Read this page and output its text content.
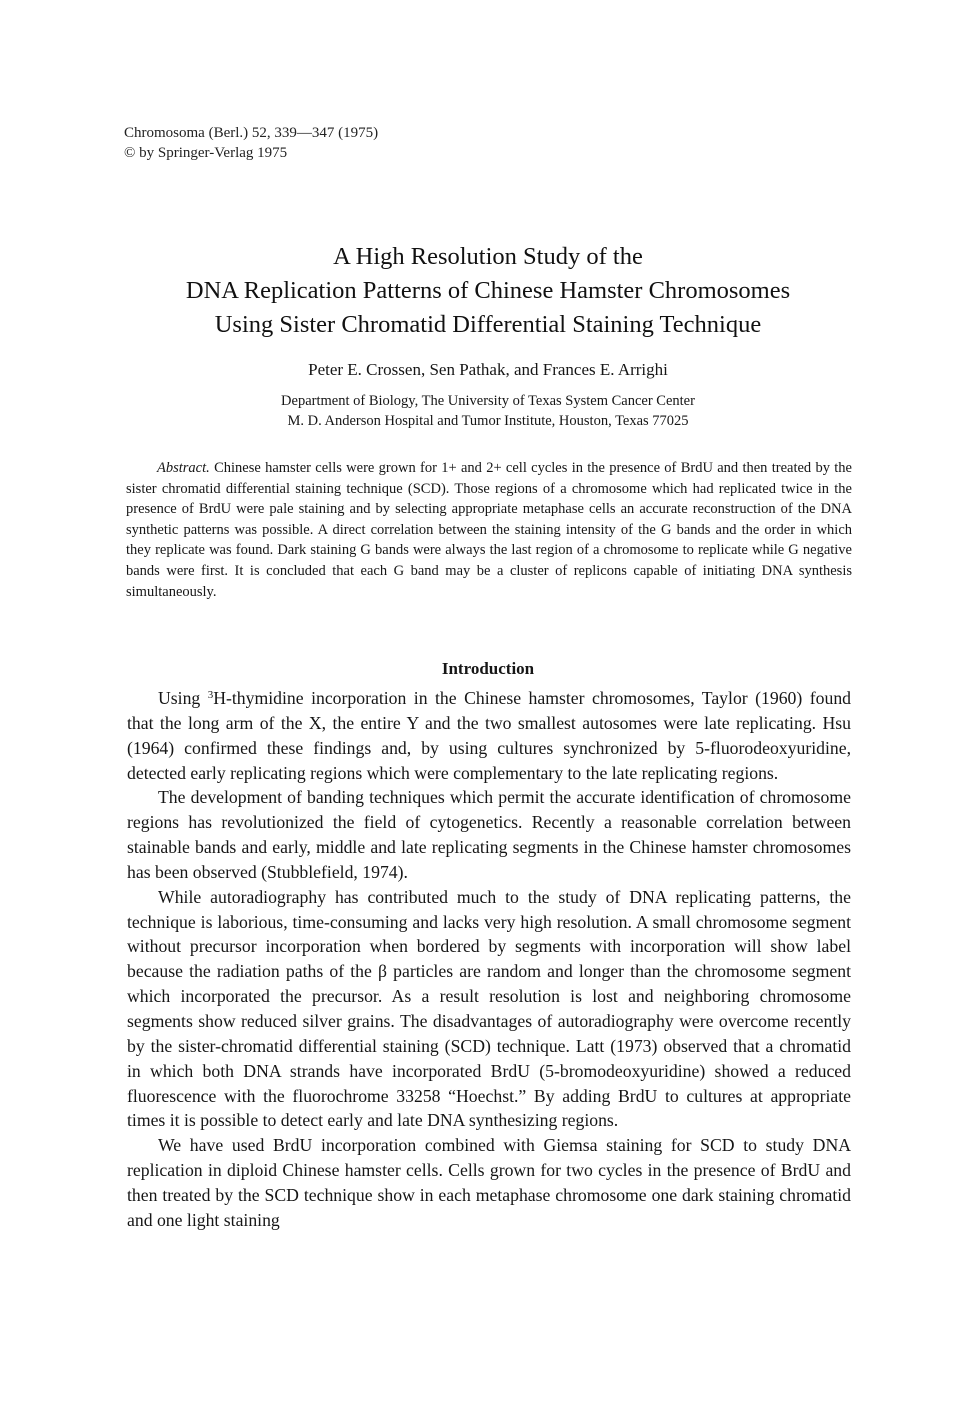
Chromosoma (Berl.) 52, 339—347 (1975)
© by Springer-Verlag 1975
A High Resolution Study of the
DNA Replication Patterns of Chinese Hamster Chromosomes
Using Sister Chromatid Differential Staining Technique
Peter E. Crossen, Sen Pathak, and Frances E. Arrighi
Department of Biology, The University of Texas System Cancer Center
M. D. Anderson Hospital and Tumor Institute, Houston, Texas 77025
Abstract. Chinese hamster cells were grown for 1+ and 2+ cell cycles in the presence of BrdU and then treated by the sister chromatid differential staining technique (SCD). Those regions of a chromosome which had replicated twice in the presence of BrdU were pale staining and by selecting appropriate metaphase cells an accurate reconstruction of the DNA synthetic patterns was possible. A direct correlation between the staining intensity of the G bands and the order in which they replicate was found. Dark staining G bands were always the last region of a chromosome to replicate while G negative bands were first. It is concluded that each G band may be a cluster of replicons capable of initiating DNA synthesis simultaneously.
Introduction

Using $^3$H-thymidine incorporation in the Chinese hamster chromosomes, Taylor (1960) found that the long arm of the X, the entire Y and the two smallest autosomes were late replicating. Hsu (1964) confirmed these findings and, by using cultures synchronized by 5-fluorodeoxyuridine, detected early replicating regions which were complementary to the late replicating regions.

The development of banding techniques which permit the accurate identification of chromosome regions has revolutionized the field of cytogenetics. Recently a reasonable correlation between stainable bands and early, middle and late replicating segments in the Chinese hamster chromosomes has been observed (Stubblefield, 1974).

While autoradiography has contributed much to the study of DNA replicating patterns, the technique is laborious, time-consuming and lacks very high resolution. A small chromosome segment without precursor incorporation when bordered by segments with incorporation will show label because the radiation paths of the β particles are random and longer than the chromosome segment which incorporated the precursor. As a result resolution is lost and neighboring chromosome segments show reduced silver grains. The disadvantages of autoradiography were overcome recently by the sister-chromatid differential staining (SCD) technique. Latt (1973) observed that a chromatid in which both DNA strands have incorporated BrdU (5-bromodeoxyuridine) showed a reduced fluorescence with the fluorochrome 33258 “Hoechst.” By adding BrdU to cultures at appropriate times it is possible to detect early and late DNA synthesizing regions.

We have used BrdU incorporation combined with Giemsa staining for SCD to study DNA replication in diploid Chinese hamster cells. Cells grown for two cycles in the presence of BrdU and then treated by the SCD technique show in each metaphase chromosome one dark staining chromatid and one light staining
